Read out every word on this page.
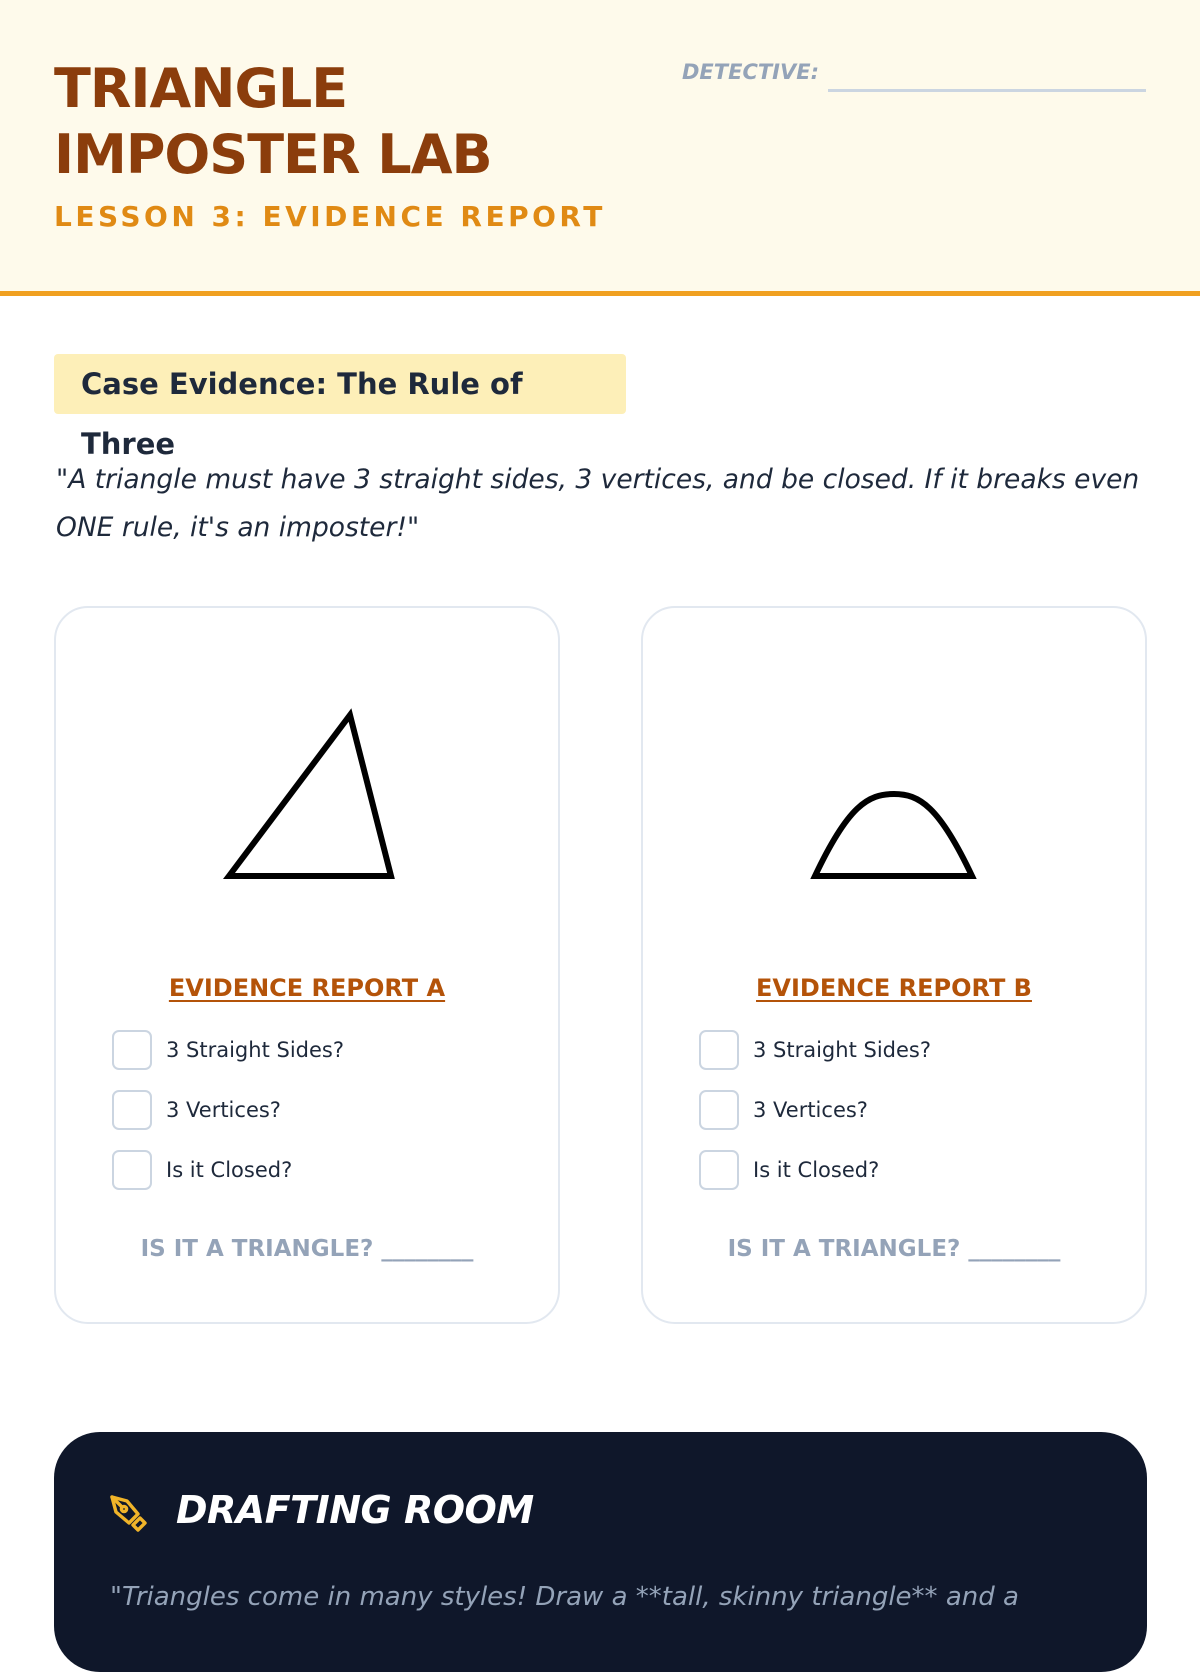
TRIANGLE
IMPOSTER LAB
LESSON 3: EVIDENCE REPORT
DETECTIVE:
Case Evidence: The Rule of Three

"A triangle must have 3 straight sides, 3 vertices, and be closed. If it breaks even ONE rule, it's an imposter!"

EVIDENCE REPORT A
3 Straight Sides?
3 Vertices?
Is it Closed?
IS IT A TRIANGLE? ________
EVIDENCE REPORT B
3 Straight Sides?
3 Vertices?
Is it Closed?
IS IT A TRIANGLE? ________
DRAFTING ROOM

"Triangles come in many styles! Draw a **tall, skinny triangle** and a
